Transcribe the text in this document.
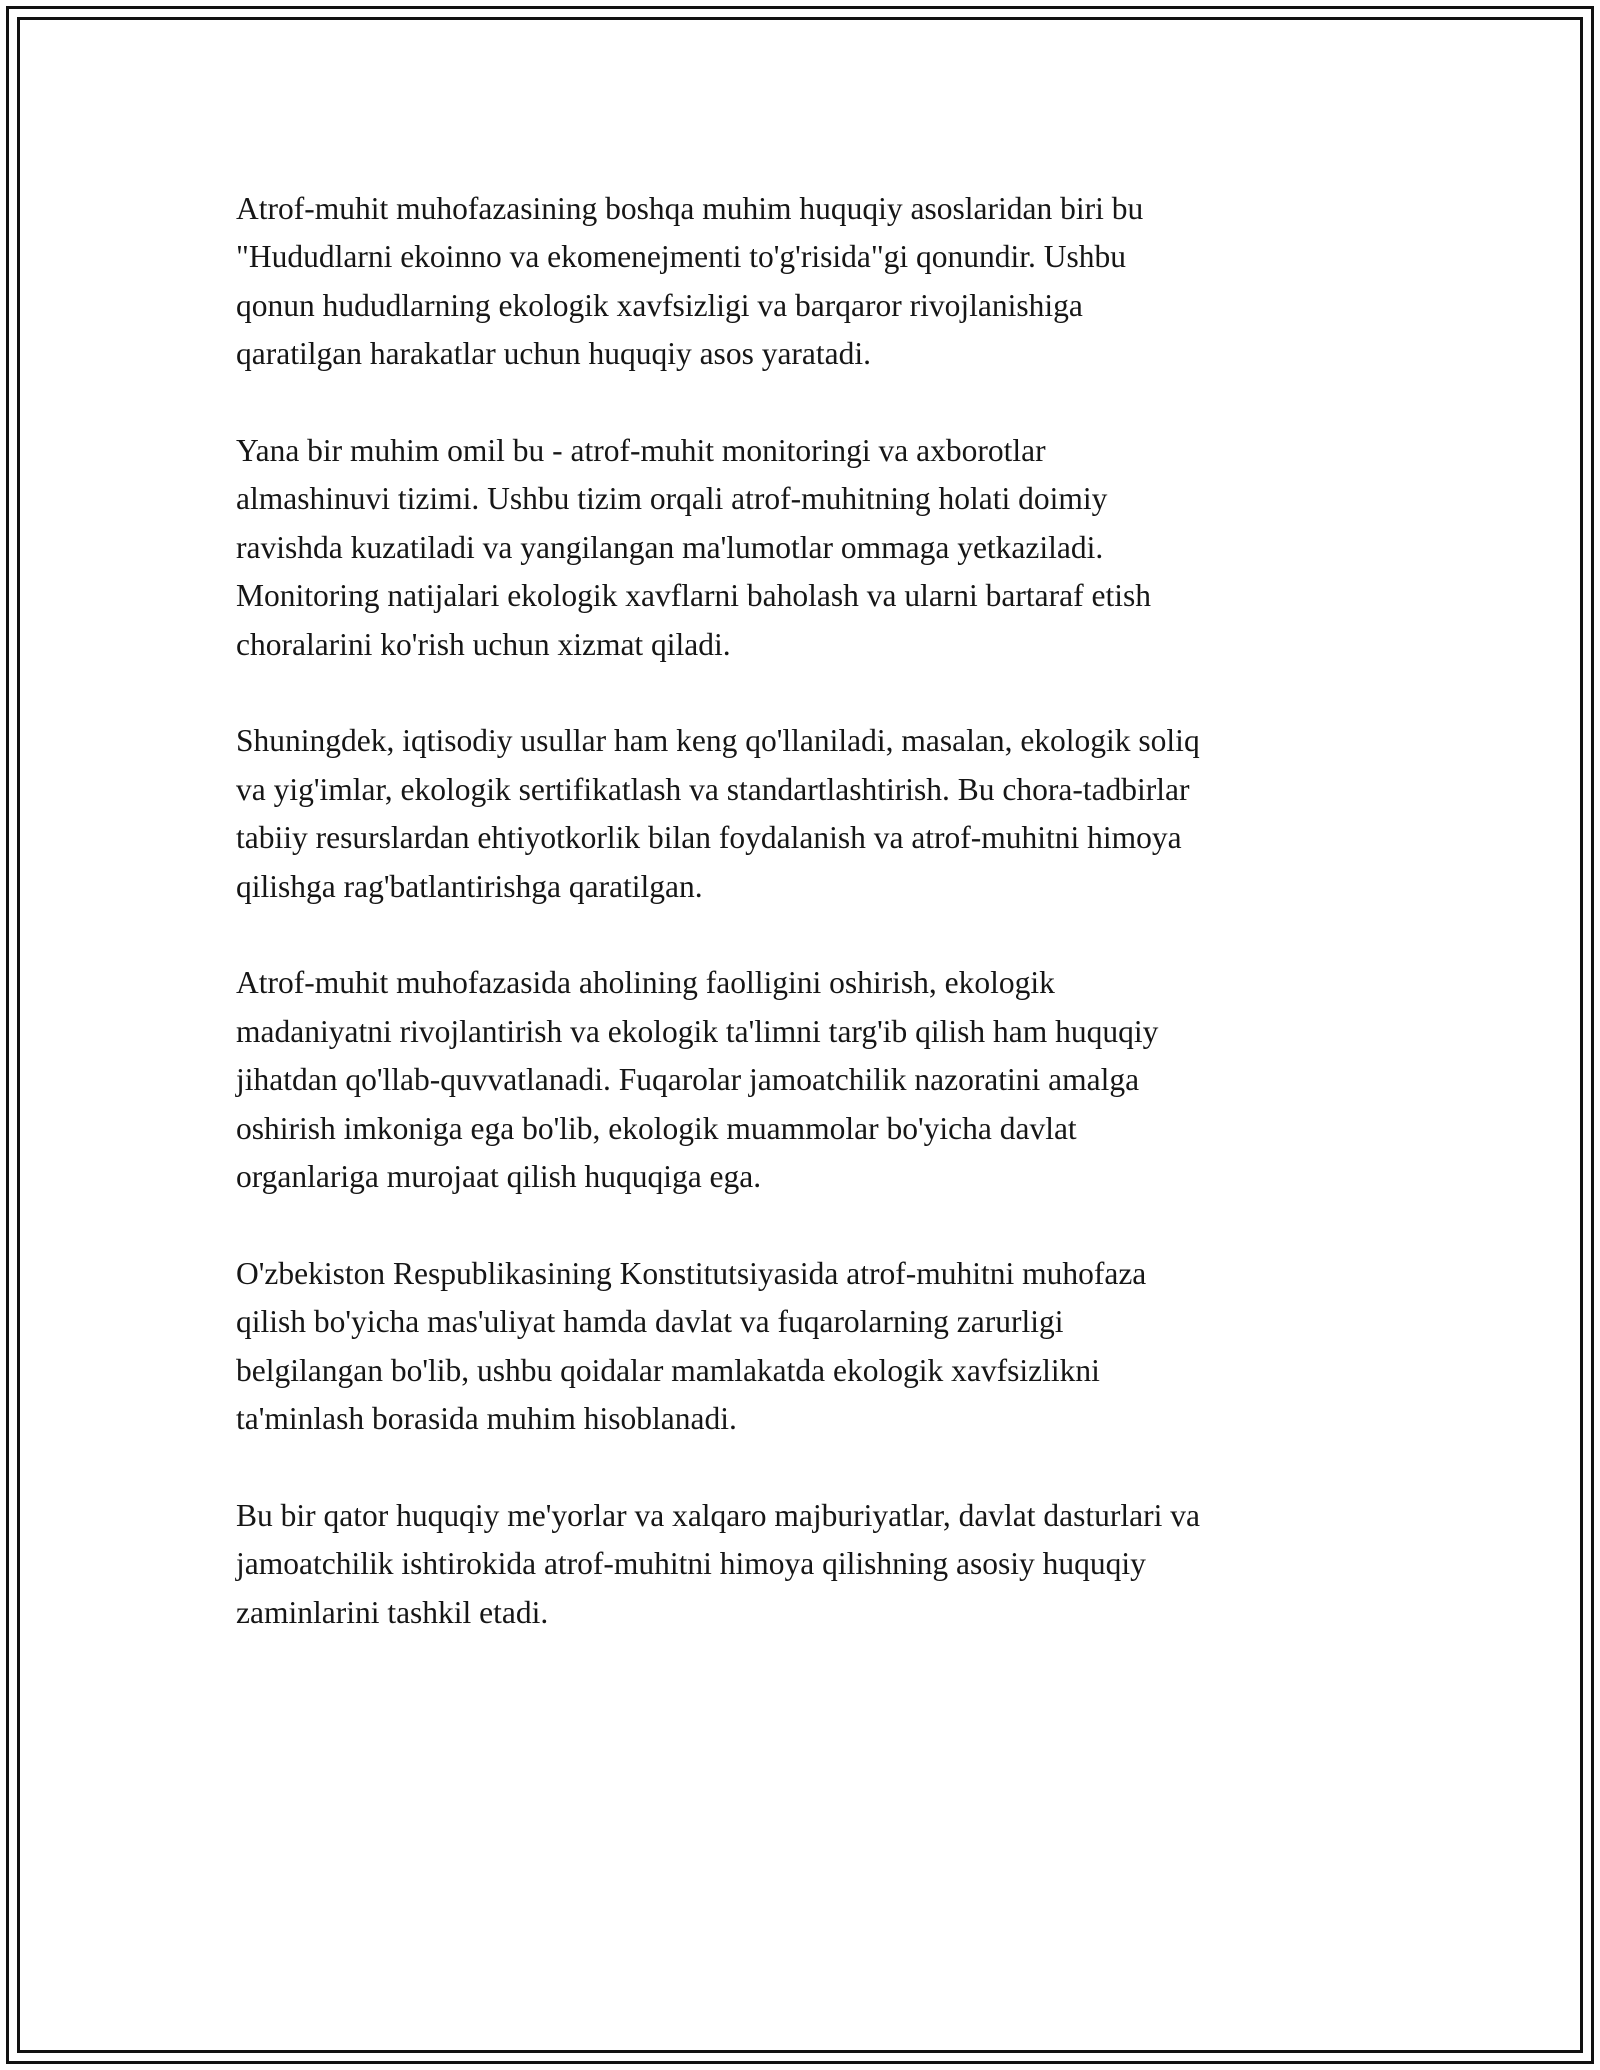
Atrof-muhit muhofazasining boshqa muhim huquqiy asoslaridan biri bu
"Hududlarni ekoinno va ekomenejmenti to'g'risida"gi qonundir. Ushbu
qonun hududlarning ekologik xavfsizligi va barqaror rivojlanishiga
qaratilgan harakatlar uchun huquqiy asos yaratadi.

Yana bir muhim omil bu - atrof-muhit monitoringi va axborotlar
almashinuvi tizimi. Ushbu tizim orqali atrof-muhitning holati doimiy
ravishda kuzatiladi va yangilangan ma'lumotlar ommaga yetkaziladi.
Monitoring natijalari ekologik xavflarni baholash va ularni bartaraf etish
choralarini ko'rish uchun xizmat qiladi.

Shuningdek, iqtisodiy usullar ham keng qo'llaniladi, masalan, ekologik soliq
va yig'imlar, ekologik sertifikatlash va standartlashtirish. Bu chora-tadbirlar
tabiiy resurslardan ehtiyotkorlik bilan foydalanish va atrof-muhitni himoya
qilishga rag'batlantirishga qaratilgan.

Atrof-muhit muhofazasida aholining faolligini oshirish, ekologik
madaniyatni rivojlantirish va ekologik ta'limni targ'ib qilish ham huquqiy
jihatdan qo'llab-quvvatlanadi. Fuqarolar jamoatchilik nazoratini amalga
oshirish imkoniga ega bo'lib, ekologik muammolar bo'yicha davlat
organlariga murojaat qilish huquqiga ega.

O'zbekiston Respublikasining Konstitutsiyasida atrof-muhitni muhofaza
qilish bo'yicha mas'uliyat hamda davlat va fuqarolarning zarurligi
belgilangan bo'lib, ushbu qoidalar mamlakatda ekologik xavfsizlikni
ta'minlash borasida muhim hisoblanadi.

Bu bir qator huquqiy me'yorlar va xalqaro majburiyatlar, davlat dasturlari va
jamoatchilik ishtirokida atrof-muhitni himoya qilishning asosiy huquqiy
zaminlarini tashkil etadi.
